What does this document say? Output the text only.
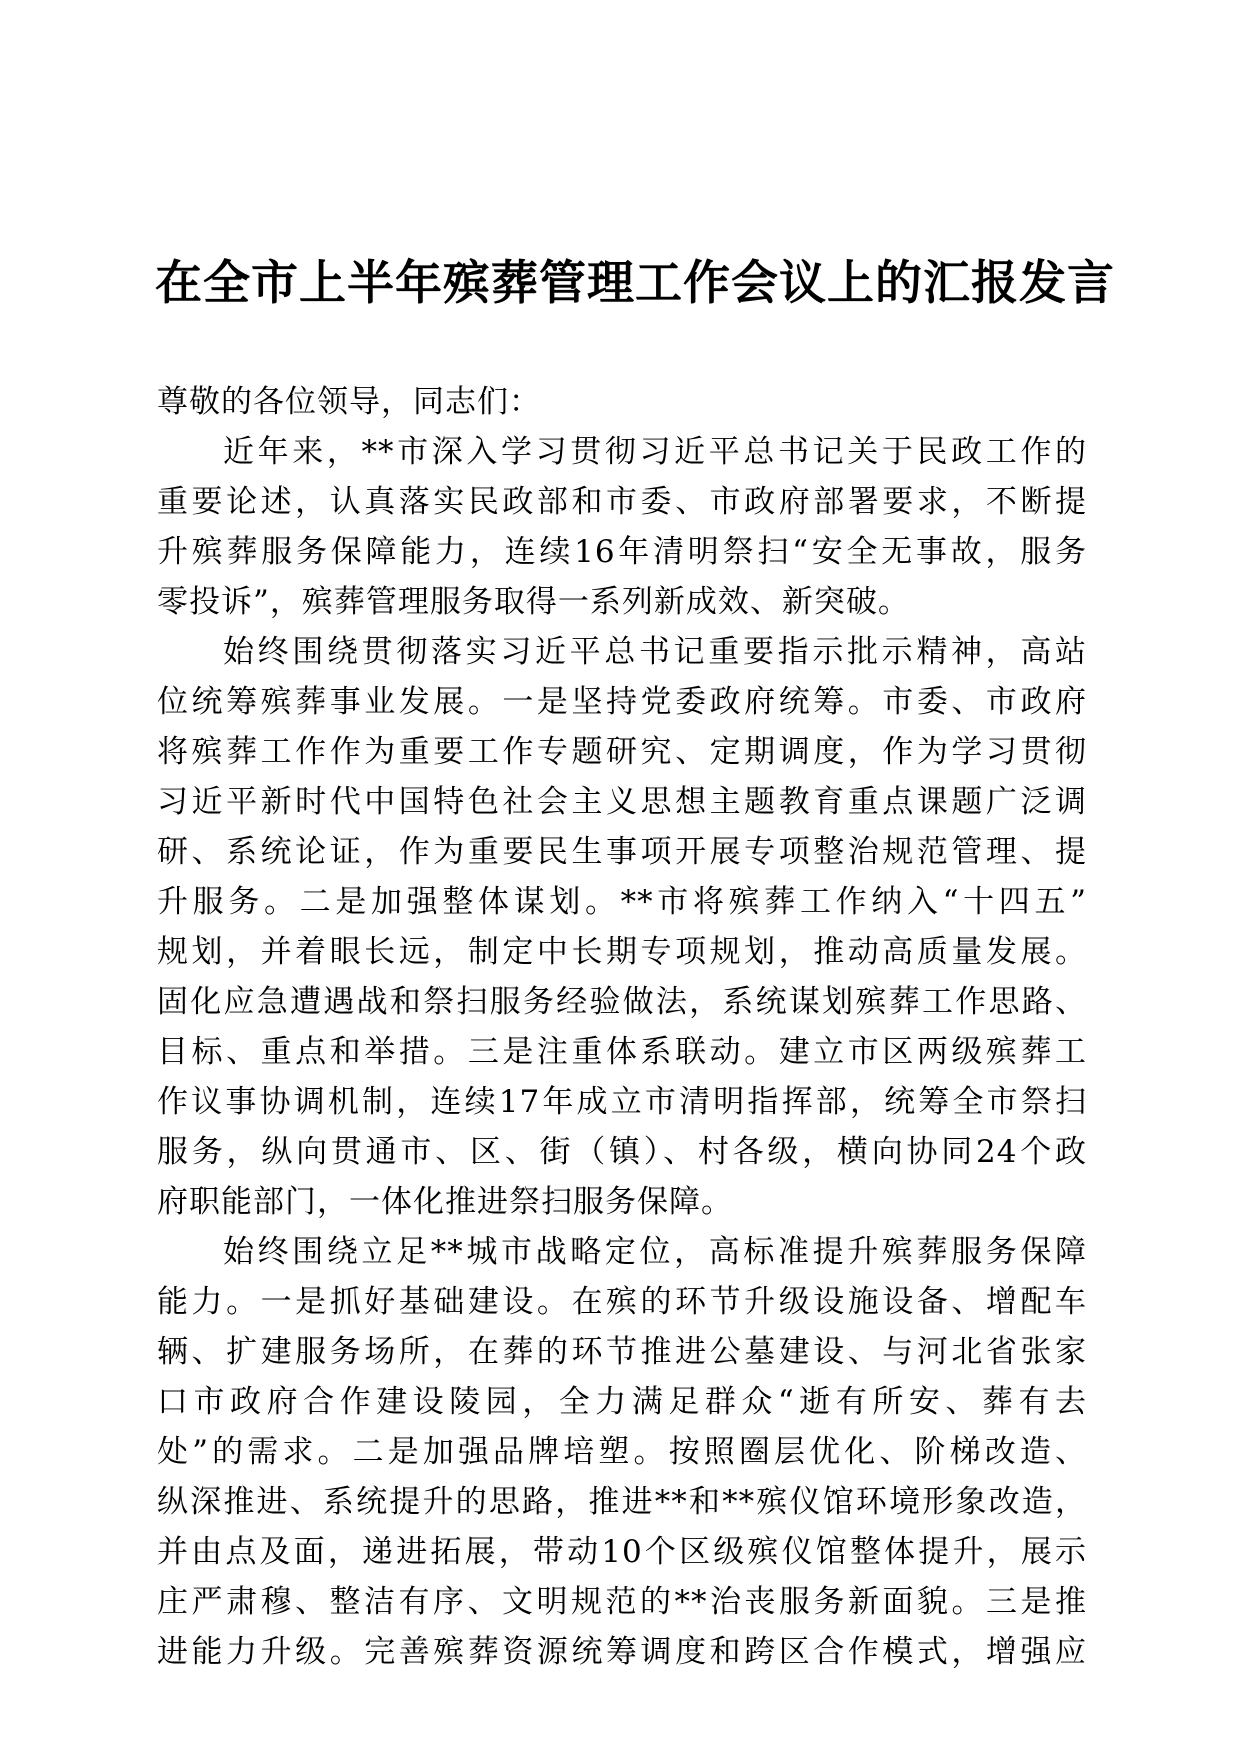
在全市上半年殡葬管理工作会议上的汇报发言
尊敬的各位领导，同志们：
近年来，**市深入学习贯彻习近平总书记关于民政工作的
重要论述，认真落实民政部和市委、市政府部署要求，不断提
升殡葬服务保障能力，连续16年清明祭扫“安全无事故，服务
零投诉”，殡葬管理服务取得一系列新成效、新突破。
始终围绕贯彻落实习近平总书记重要指示批示精神，高站
位统筹殡葬事业发展。一是坚持党委政府统筹。市委、市政府
将殡葬工作作为重要工作专题研究、定期调度，作为学习贯彻
习近平新时代中国特色社会主义思想主题教育重点课题广泛调
研、系统论证，作为重要民生事项开展专项整治规范管理、提
升服务。二是加强整体谋划。**市将殡葬工作纳入“十四五”
规划，并着眼长远，制定中长期专项规划，推动高质量发展。
固化应急遭遇战和祭扫服务经验做法，系统谋划殡葬工作思路、
目标、重点和举措。三是注重体系联动。建立市区两级殡葬工
作议事协调机制，连续17年成立市清明指挥部，统筹全市祭扫
服务，纵向贯通市、区、街（镇）、村各级，横向协同24个政
府职能部门，一体化推进祭扫服务保障。
始终围绕立足**城市战略定位，高标准提升殡葬服务保障
能力。一是抓好基础建设。在殡的环节升级设施设备、增配车
辆、扩建服务场所，在葬的环节推进公墓建设、与河北省张家
口市政府合作建设陵园，全力满足群众“逝有所安、葬有去
处”的需求。二是加强品牌培塑。按照圈层优化、阶梯改造、
纵深推进、系统提升的思路，推进**和**殡仪馆环境形象改造，
并由点及面，递进拓展，带动10个区级殡仪馆整体提升，展示
庄严肃穆、整洁有序、文明规范的**治丧服务新面貌。三是推
进能力升级。完善殡葬资源统筹调度和跨区合作模式，增强应
